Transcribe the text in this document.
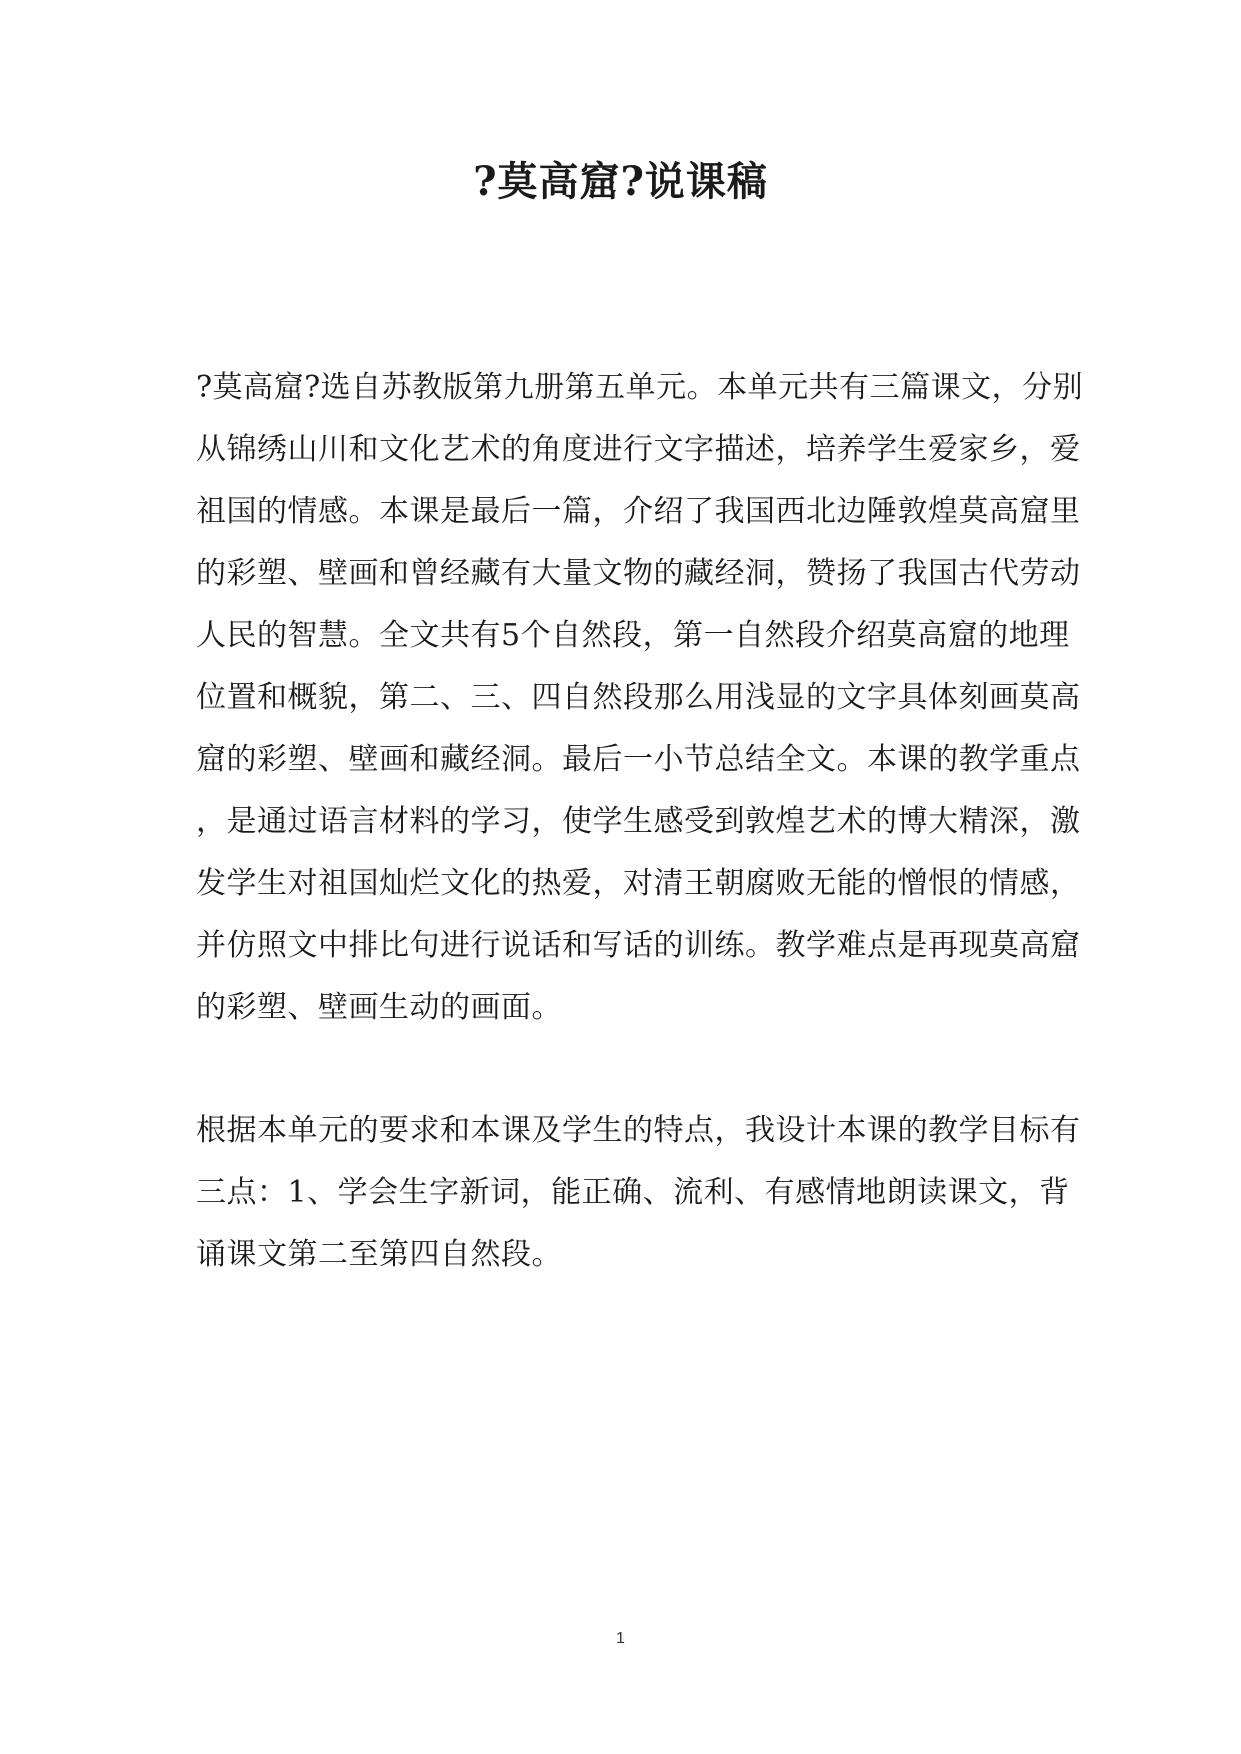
?莫高窟?说课稿

?莫高窟?选自苏教版第九册第五单元。本单元共有三篇课文，分别

从锦绣山川和文化艺术的角度进行文字描述，培养学生爱家乡，爱

祖国的情感。本课是最后一篇，介绍了我国西北边陲敦煌莫高窟里

的彩塑、壁画和曾经藏有大量文物的藏经洞，赞扬了我国古代劳动

人民的智慧。全文共有5个自然段，第一自然段介绍莫高窟的地理

位置和概貌，第二、三、四自然段那么用浅显的文字具体刻画莫高

窟的彩塑、壁画和藏经洞。最后一小节总结全文。本课的教学重点

，是通过语言材料的学习，使学生感受到敦煌艺术的博大精深，激

发学生对祖国灿烂文化的热爱，对清王朝腐败无能的憎恨的情感，

并仿照文中排比句进行说话和写话的训练。教学难点是再现莫高窟

的彩塑、壁画生动的画面。

根据本单元的要求和本课及学生的特点，我设计本课的教学目标有

三点：1、学会生字新词，能正确、流利、有感情地朗读课文，背

诵课文第二至第四自然段。

1
